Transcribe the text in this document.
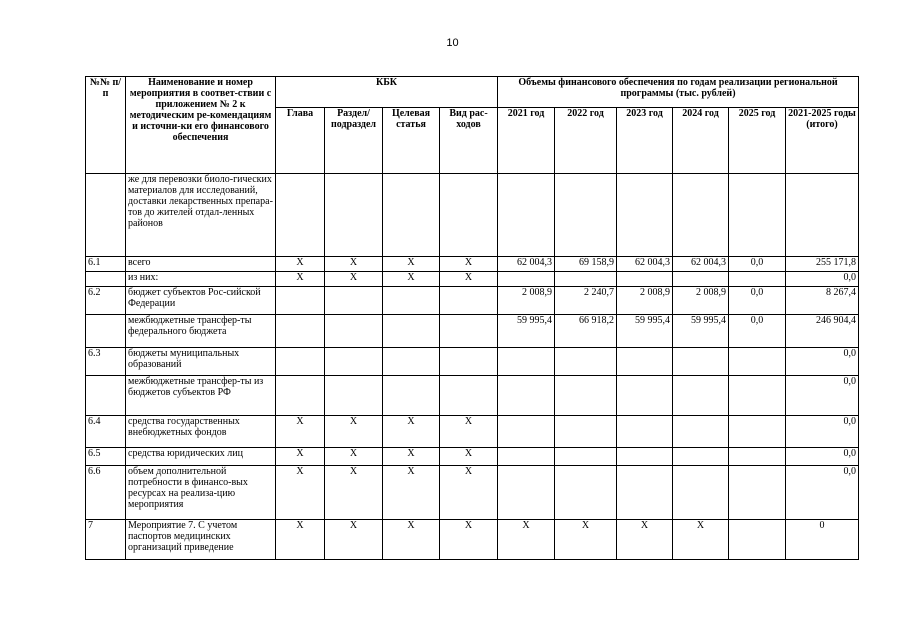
10
№№ п/п	Наименование и номер мероприятия в соответ-ствии с приложением № 2 к методическим ре-комендациям и источни-ки его финансового обеспечения	КБК				Объемы финансового обеспечения по годам реализации региональной программы (тыс. рублей)					
		Глава	Раздел/ подраздел	Целевая статья	Вид рас-ходов	2021 год	2022 год	2023 год	2024 год	2025 год	2021-2025 годы (итого)
	же для перевозки биоло-гических материалов для исследований, доставки лекарственных препара-тов до жителей отдал-ленных районов										
6.1	всего	X	X	X	X	62 004,3	69 158,9	62 004,3	62 004,3	0,0	255 171,8
	из них:	X	X	X	X						0,0
6.2	бюджет субъектов Рос-сийской Федерации					2 008,9	2 240,7	2 008,9	2 008,9	0,0	8 267,4
	межбюджетные трансфер-ты федерального бюджета					59 995,4	66 918,2	59 995,4	59 995,4	0,0	246 904,4
6.3	бюджеты муниципальных образований										0,0
	межбюджетные трансфер-ты из бюджетов субъектов РФ										0,0
6.4	средства государственных внебюджетных фондов	X	X	X	X						0,0
6.5	средства юридических лиц	X	X	X	X						0,0
6.6	объем дополнительной потребности в финансо-вых ресурсах на реализа-цию мероприятия	X	X	X	X						0,0
7	Мероприятие 7. С учетом паспортов медицинских организаций приведение	X	X	X	X	X	X	X	X		0
